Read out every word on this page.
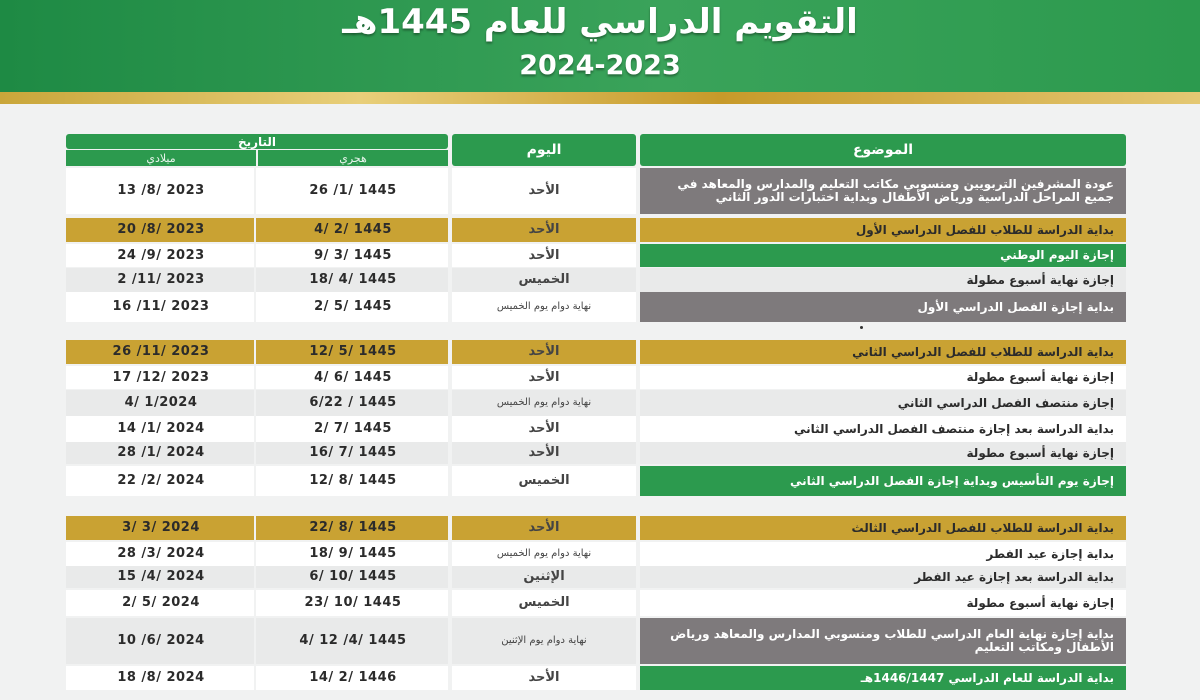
التقويم الدراسي للعام 1445هـ
2024-2023
الموضوع
اليوم
التاريخ
هجري
ميلادي
عودة المشرفين التربويين ومنسوبي مكاتب التعليم والمدارس والمعاهد في جميع المراحل الدراسية ورياض الأطفال وبداية اختبارات الدور الثاني
الأحد
26 /1/ 1445
13 /8/ 2023
بداية الدراسة للطلاب للفصل الدراسي الأول
الأحد
4/ 2/ 1445
20 /8/ 2023
إجازة اليوم الوطني
الأحد
9/ 3/ 1445
24 /9/ 2023
إجازة نهاية أسبوع مطولة
الخميس
18/ 4/ 1445
2 /11/ 2023
بداية إجازة الفصل الدراسي الأول
نهاية دوام يوم الخميس
2/ 5/ 1445
16 /11/ 2023
بداية الدراسة للطلاب للفصل الدراسي الثاني
الأحد
12/ 5/ 1445
26 /11/ 2023
إجازة نهاية أسبوع مطولة
الأحد
4/ 6/ 1445
17 /12/ 2023
إجازة منتصف الفصل الدراسي الثاني
نهاية دوام يوم الخميس
6/22 / 1445
4/ 1/2024
بداية الدراسة بعد إجازة منتصف الفصل الدراسي الثاني
الأحد
2/ 7/ 1445
14 /1/ 2024
إجازة نهاية أسبوع مطولة
الأحد
16/ 7/ 1445
28 /1/ 2024
إجازة يوم التأسيس وبداية إجازة الفصل الدراسي الثاني
الخميس
12/ 8/ 1445
22 /2/ 2024
بداية الدراسة للطلاب للفصل الدراسي الثالث
الأحد
22/ 8/ 1445
3/ 3/ 2024
بداية إجازة عيد الفطر
نهاية دوام يوم الخميس
18/ 9/ 1445
28 /3/ 2024
بداية الدراسة بعد إجازة عيد الفطر
الإثنين
6/ 10/ 1445
15 /4/ 2024
إجازة نهاية أسبوع مطولة
الخميس
23/ 10/ 1445
2/ 5/ 2024
بداية إجازة نهاية العام الدراسي للطلاب ومنسوبي المدارس والمعاهد ورياض الأطفال ومكاتب التعليم
نهاية دوام يوم الإثنين
4/ 12 /4/ 1445
10 /6/ 2024
بداية الدراسة للعام الدراسي 1446/1447هـ
الأحد
14/ 2/ 1446
18 /8/ 2024
